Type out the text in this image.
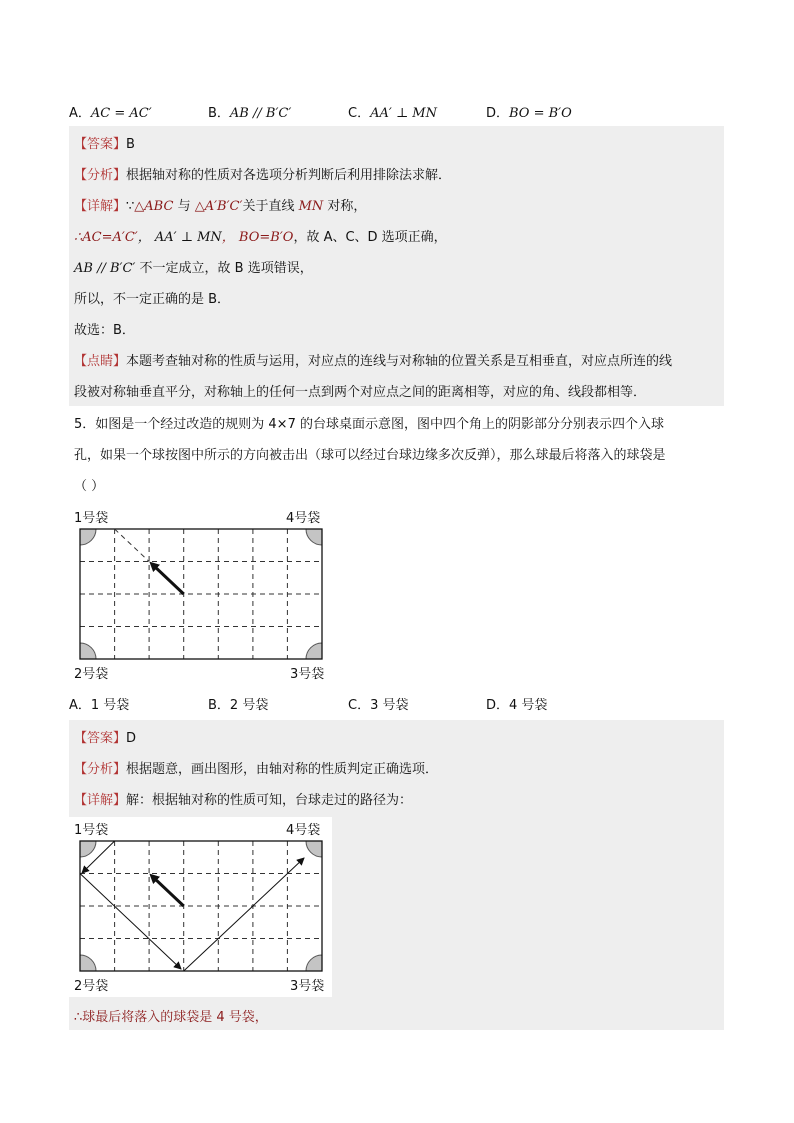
A．AC = AC′	B．AB // B′C′	C．AA′ ⊥ MN	D．BO = B′O
【答案】B
【分析】根据轴对称的性质对各选项分析判断后利用排除法求解．
【详解】∵△ABC 与 △A′B′C′关于直线 MN 对称，
∴AC=A′C′， AA′ ⊥ MN， BO=B′O，故 A、C、D 选项正确，
AB // B′C′ 不一定成立，故 B 选项错误，
所以，不一定正确的是 B．
故选：B．
【点睛】本题考查轴对称的性质与运用，对应点的连线与对称轴的位置关系是互相垂直，对应点所连的线
段被对称轴垂直平分，对称轴上的任何一点到两个对应点之间的距离相等，对应的角、线段都相等．
5．如图是一个经过改造的规则为 4×7 的台球桌面示意图，图中四个角上的阴影部分分别表示四个入球
孔，如果一个球按图中所示的方向被击出（球可以经过台球边缘多次反弹），那么球最后将落入的球袋是
（ ）
1号袋	4号袋
2号袋	3号袋
A．1 号袋	B．2 号袋	C．3 号袋	D．4 号袋
【答案】D
【分析】根据题意，画出图形，由轴对称的性质判定正确选项．
【详解】解：根据轴对称的性质可知，台球走过的路径为：
1号袋	4号袋
2号袋	3号袋
∴球最后将落入的球袋是 4 号袋，
